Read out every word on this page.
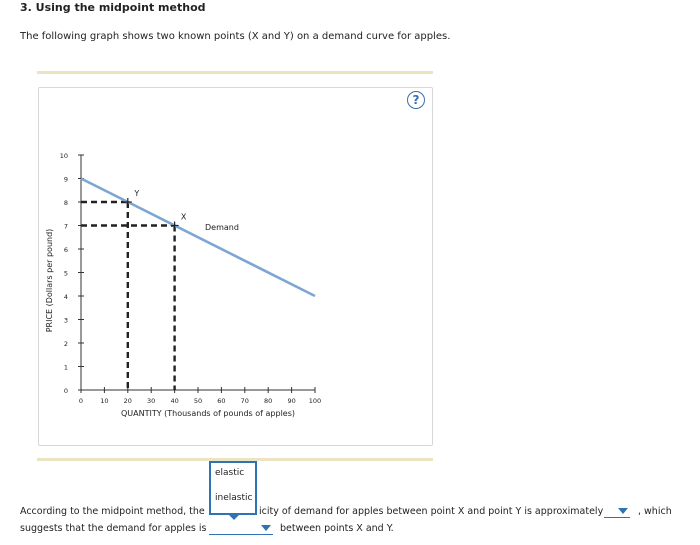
3. Using the midpoint method
The following graph shows two known points (X and Y) on a demand curve for apples.
?
0
1
2
3
4
5
6
7
8
9
10
0	10 20 30 40 50 60 70 80 90 100
QUANTITY (Thousands of pounds of apples)
PRICE (Dollars per pound)
Demand
Y
X
According to the midpoint method, the	icity of demand for apples between point X and point Y is approximately	, which
suggests that the demand for apples is	between points X and Y.
elastic
inelastic
